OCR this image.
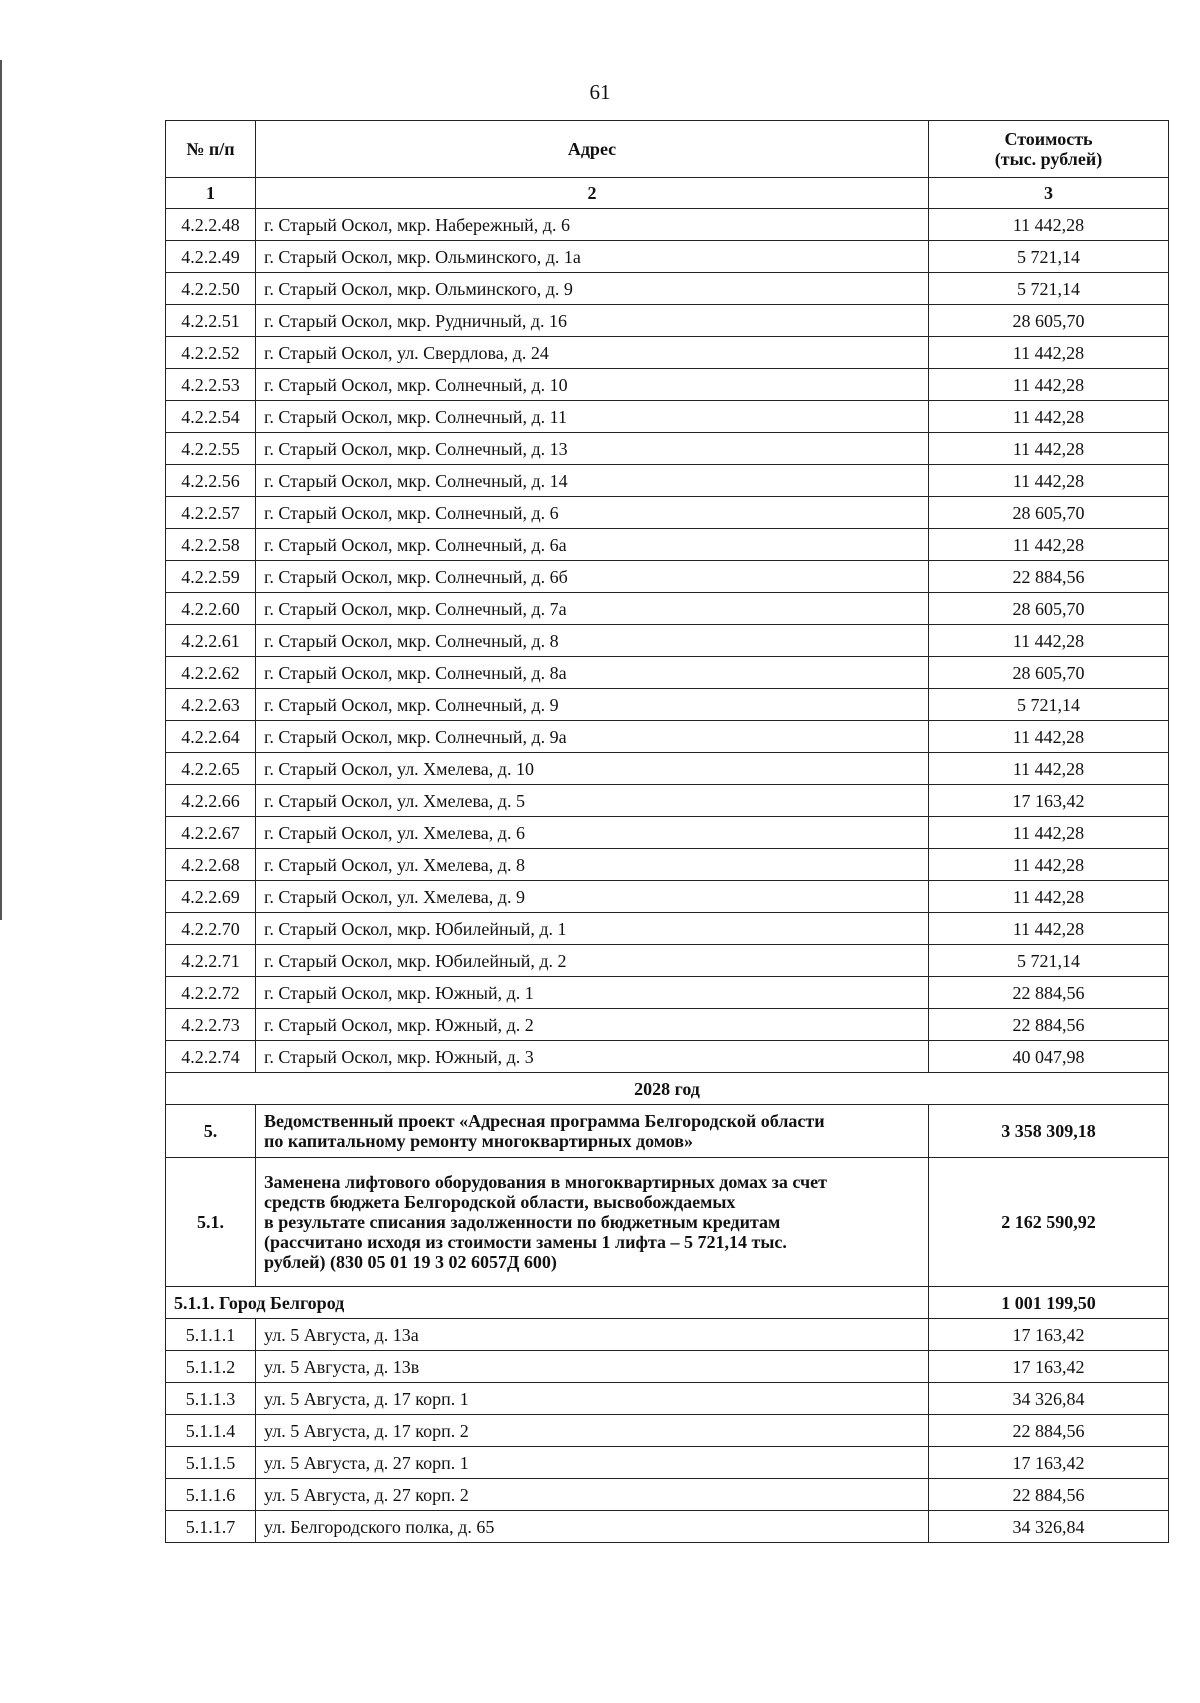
61
№ п/п	Адрес	Стоимость
(тыс. рублей)

1	2	3
4.2.2.48	г. Старый Оскол, мкр. Набережный, д. 6	11 442,28
4.2.2.49	г. Старый Оскол, мкр. Ольминского, д. 1а	5 721,14
4.2.2.50	г. Старый Оскол, мкр. Ольминского, д. 9	5 721,14
4.2.2.51	г. Старый Оскол, мкр. Рудничный, д. 16	28 605,70
4.2.2.52	г. Старый Оскол, ул. Свердлова, д. 24	11 442,28
4.2.2.53	г. Старый Оскол, мкр. Солнечный, д. 10	11 442,28
4.2.2.54	г. Старый Оскол, мкр. Солнечный, д. 11	11 442,28
4.2.2.55	г. Старый Оскол, мкр. Солнечный, д. 13	11 442,28
4.2.2.56	г. Старый Оскол, мкр. Солнечный, д. 14	11 442,28
4.2.2.57	г. Старый Оскол, мкр. Солнечный, д. 6	28 605,70
4.2.2.58	г. Старый Оскол, мкр. Солнечный, д. 6а	11 442,28
4.2.2.59	г. Старый Оскол, мкр. Солнечный, д. 6б	22 884,56
4.2.2.60	г. Старый Оскол, мкр. Солнечный, д. 7а	28 605,70
4.2.2.61	г. Старый Оскол, мкр. Солнечный, д. 8	11 442,28
4.2.2.62	г. Старый Оскол, мкр. Солнечный, д. 8а	28 605,70
4.2.2.63	г. Старый Оскол, мкр. Солнечный, д. 9	5 721,14
4.2.2.64	г. Старый Оскол, мкр. Солнечный, д. 9а	11 442,28
4.2.2.65	г. Старый Оскол, ул. Хмелева, д. 10	11 442,28
4.2.2.66	г. Старый Оскол, ул. Хмелева, д. 5	17 163,42
4.2.2.67	г. Старый Оскол, ул. Хмелева, д. 6	11 442,28
4.2.2.68	г. Старый Оскол, ул. Хмелева, д. 8	11 442,28
4.2.2.69	г. Старый Оскол, ул. Хмелева, д. 9	11 442,28
4.2.2.70	г. Старый Оскол, мкр. Юбилейный, д. 1	11 442,28
4.2.2.71	г. Старый Оскол, мкр. Юбилейный, д. 2	5 721,14
4.2.2.72	г. Старый Оскол, мкр. Южный, д. 1	22 884,56
4.2.2.73	г. Старый Оскол, мкр. Южный, д. 2	22 884,56
4.2.2.74	г. Старый Оскол, мкр. Южный, д. 3	40 047,98
2028 год		
5.	Ведомственный проект «Адресная программа Белгородской области
по капитальному ремонту многоквартирных домов»	3 358 309,18
5.1.	Заменена лифтового оборудования в многоквартирных домах за счет
средств бюджета Белгородской области, высвобождаемых
в результате списания задолженности по бюджетным кредитам
(рассчитано исходя из стоимости замены 1 лифта – 5 721,14 тыс.
рублей) (830 05 01 19 3 02 6057Д 600)	2 162 590,92
5.1.1. Город Белгород		1 001 199,50
5.1.1.1	ул. 5 Августа, д. 13а	17 163,42
5.1.1.2	ул. 5 Августа, д. 13в	17 163,42
5.1.1.3	ул. 5 Августа, д. 17 корп. 1	34 326,84
5.1.1.4	ул. 5 Августа, д. 17 корп. 2	22 884,56
5.1.1.5	ул. 5 Августа, д. 27 корп. 1	17 163,42
5.1.1.6	ул. 5 Августа, д. 27 корп. 2	22 884,56
5.1.1.7	ул. Белгородского полка, д. 65	34 326,84
